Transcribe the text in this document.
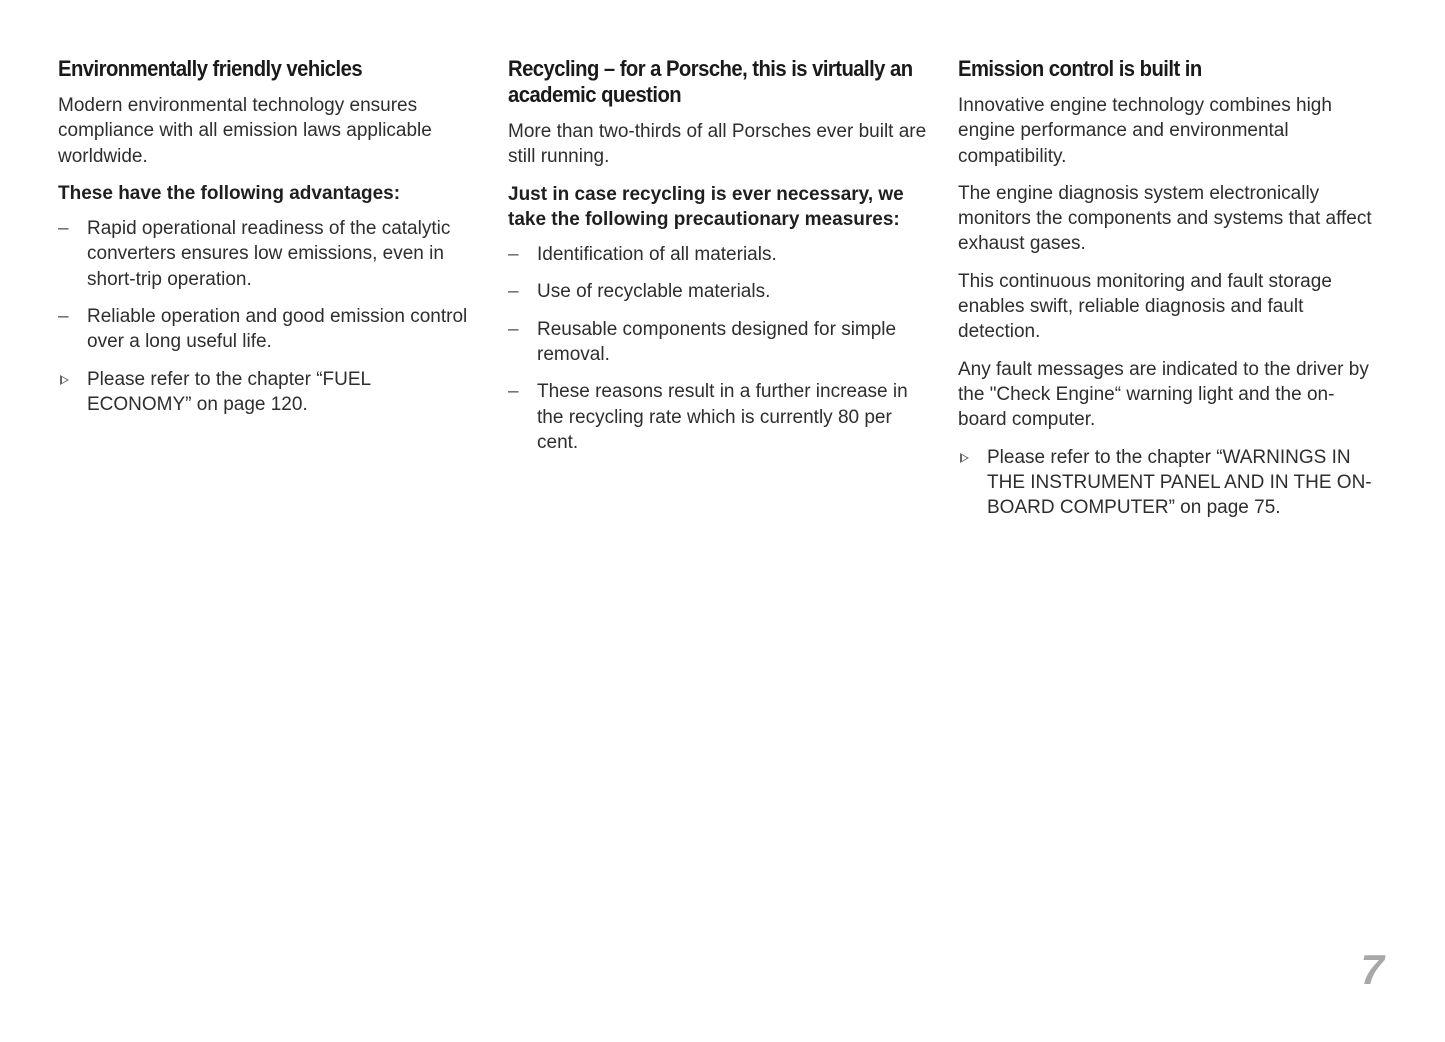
Environmentally friendly vehicles

Modern environmental technology ensures compliance with all emission laws applicable worldwide.

These have the following advantages:

– Rapid operational readiness of the catalytic converters ensures low emissions, even in short-trip operation.
– Reliable operation and good emission control over a long useful life.
Please refer to the chapter “FUEL ECONOMY” on page 120.
Recycling – for a Porsche, this is virtually an academic question

More than two-thirds of all Porsches ever built are still running.

Just in case recycling is ever necessary, we take the following precautionary measures:

– Identification of all materials.
– Use of recyclable materials.
– Reusable components designed for simple removal.
– These reasons result in a further increase in the recycling rate which is currently 80 per cent.
Emission control is built in

Innovative engine technology combines high engine performance and environmental compatibility.

The engine diagnosis system electronically monitors the components and systems that affect exhaust gases.

This continuous monitoring and fault storage enables swift, reliable diagnosis and fault detection.

Any fault messages are indicated to the driver by the "Check Engine“ warning light and the on-board computer.

Please refer to the chapter “WARNINGS IN THE INSTRUMENT PANEL AND IN THE ON-BOARD COMPUTER” on page 75.
7
